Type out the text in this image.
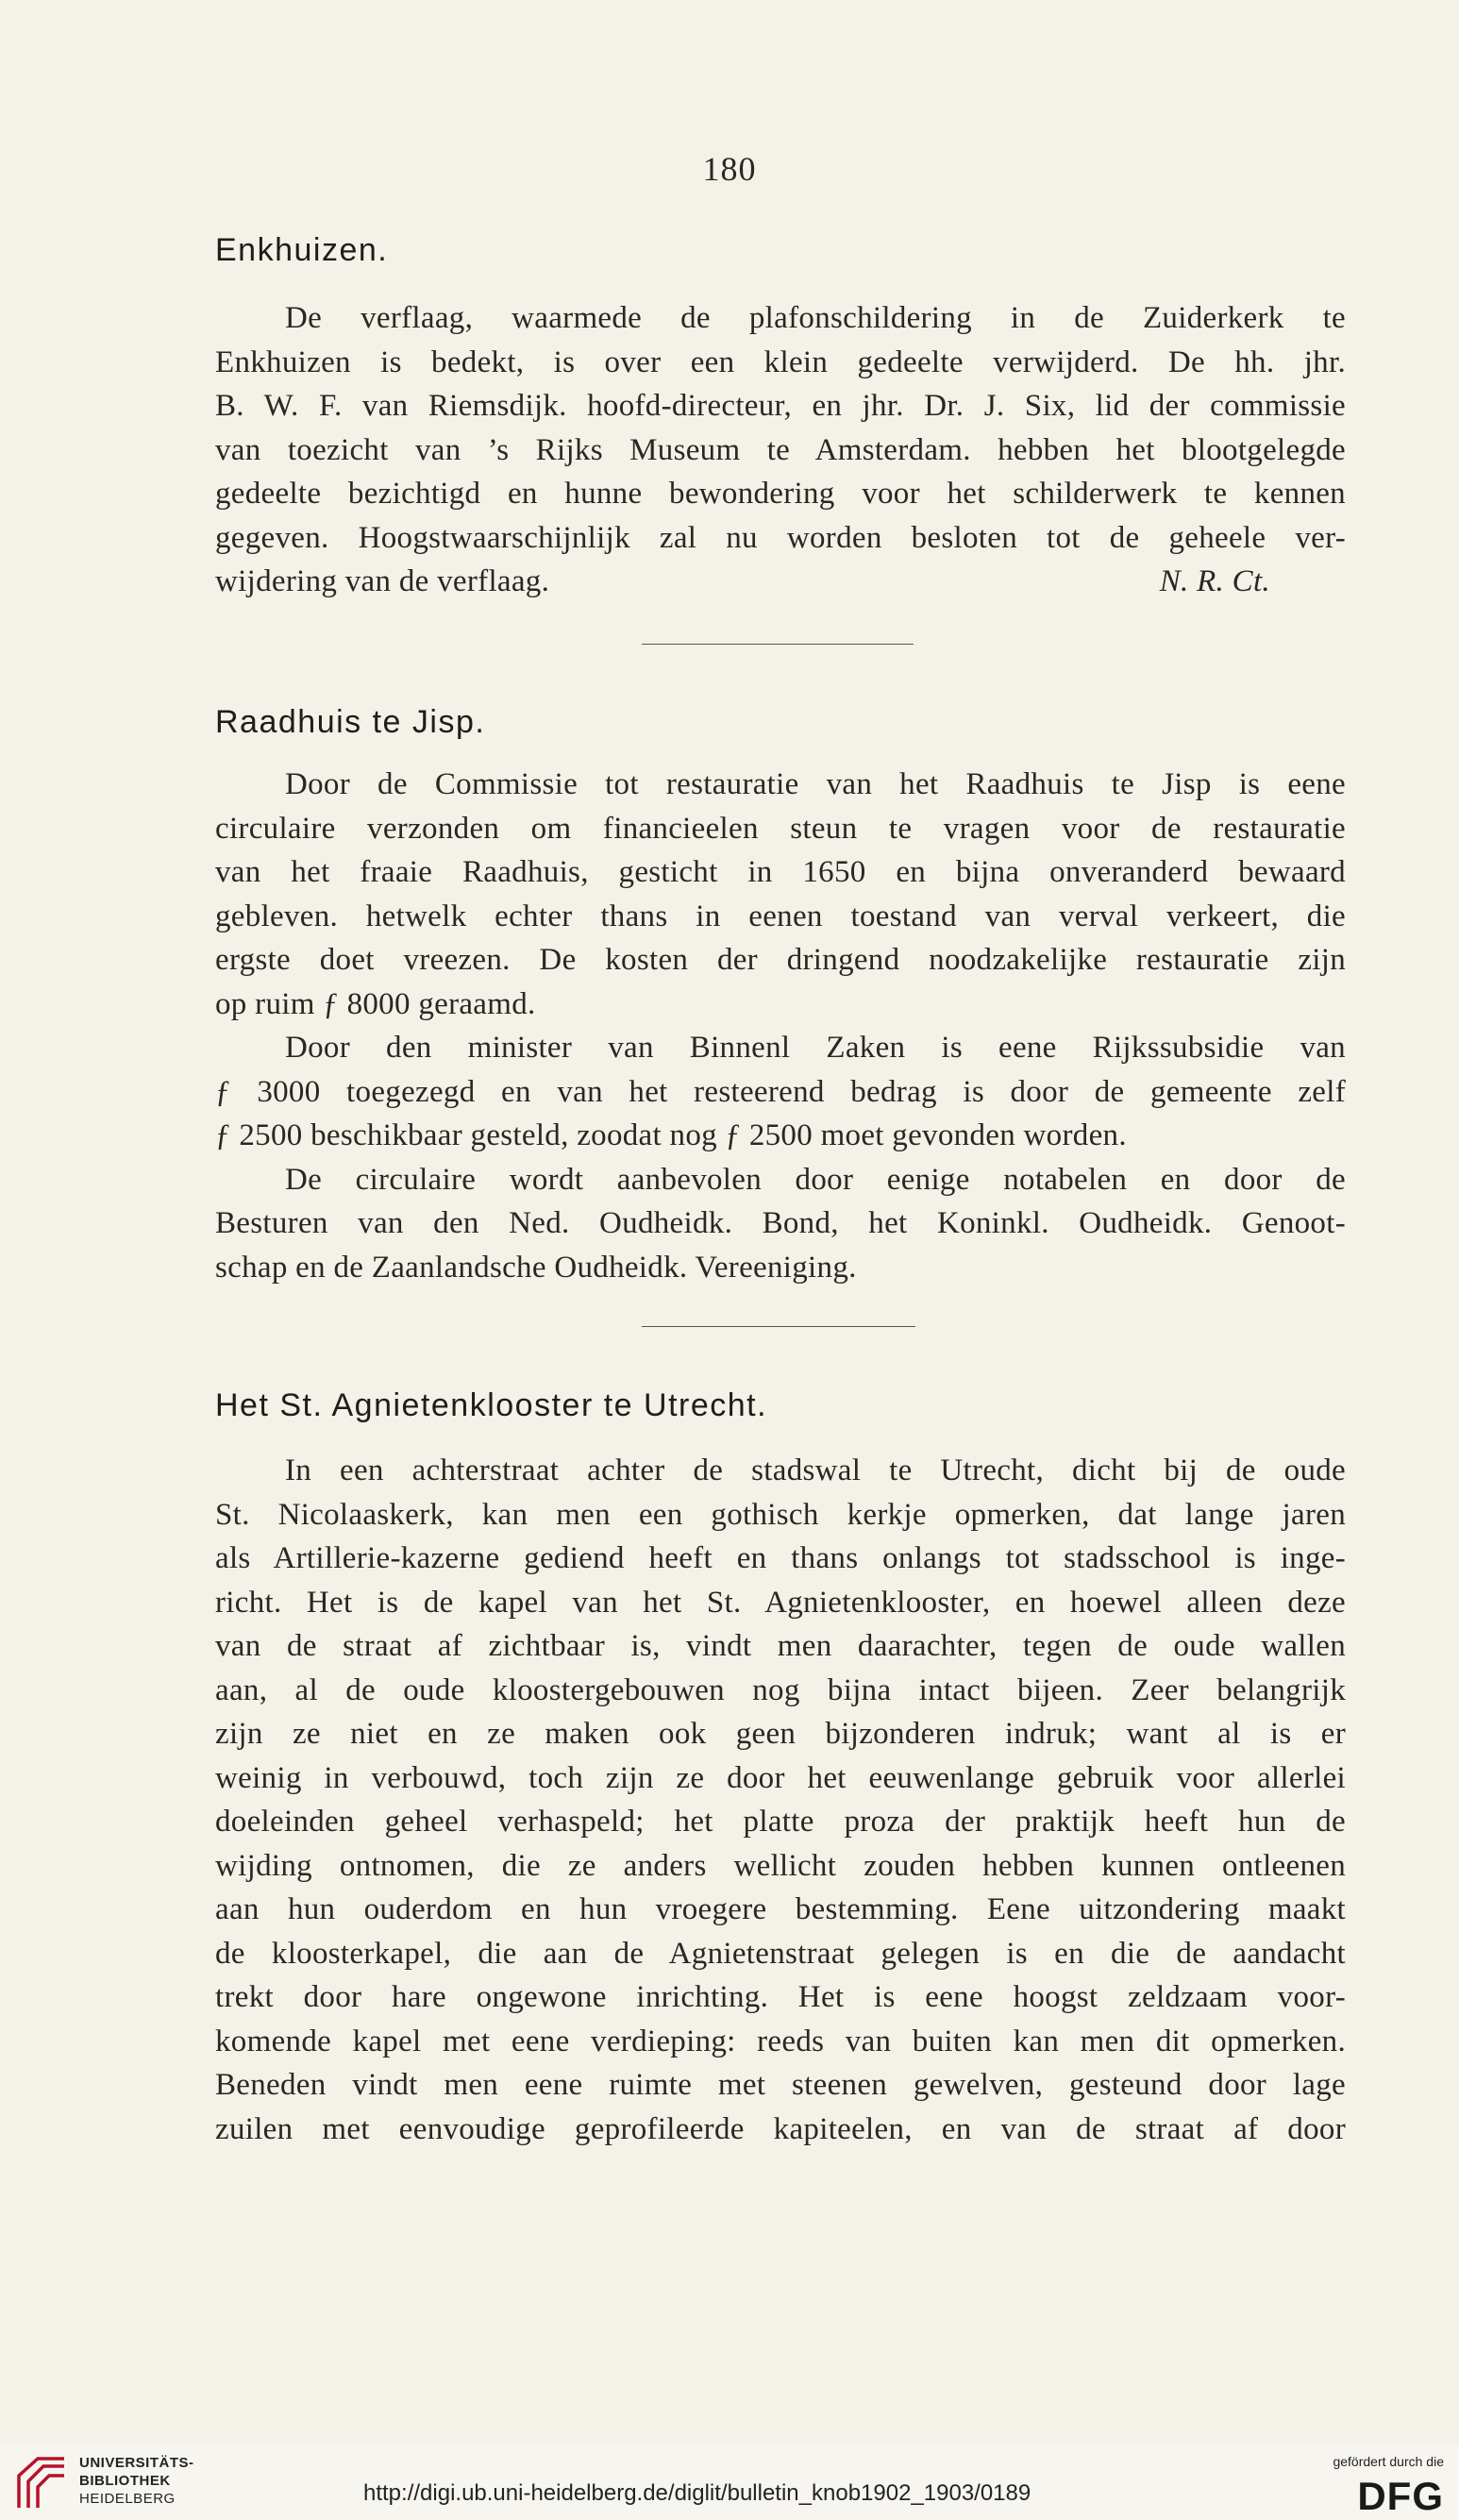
180
Enkhuizen.
De verflaag, waarmede de plafonschildering in de Zuiderkerk te
Enkhuizen is bedekt, is over een klein gedeelte verwijderd. De hh. jhr.
B. W. F. van Riemsdijk. hoofd-directeur, en jhr. Dr. J. Six, lid der commissie
van toezicht van ’s Rijks Museum te Amsterdam. hebben het blootgelegde
gedeelte bezichtigd en hunne bewondering voor het schilderwerk te kennen
gegeven. Hoogstwaarschijnlijk zal nu worden besloten tot de geheele ver-
wijdering van de verflaag.	N. R. Ct.
Raadhuis te Jisp.
Door de Commissie tot restauratie van het Raadhuis te Jisp is eene
circulaire verzonden om financieelen steun te vragen voor de restauratie
van het fraaie Raadhuis, gesticht in 1650 en bijna onveranderd bewaard
gebleven. hetwelk echter thans in eenen toestand van verval verkeert, die
ergste doet vreezen. De kosten der dringend noodzakelijke restauratie zijn
op ruim ƒ 8000 geraamd.
Door den minister van Binnenl Zaken is eene Rijkssubsidie van
ƒ 3000 toegezegd en van het resteerend bedrag is door de gemeente zelf
ƒ 2500 beschikbaar gesteld, zoodat nog ƒ 2500 moet gevonden worden.
De circulaire wordt aanbevolen door eenige notabelen en door de
Besturen van den Ned. Oudheidk. Bond, het Koninkl. Oudheidk. Genoot-
schap en de Zaanlandsche Oudheidk. Vereeniging.
Het St. Agnietenklooster te Utrecht.
In een achterstraat achter de stadswal te Utrecht, dicht bij de oude
St. Nicolaaskerk, kan men een gothisch kerkje opmerken, dat lange jaren
als Artillerie-kazerne gediend heeft en thans onlangs tot stadsschool is inge-
richt. Het is de kapel van het St. Agnietenklooster, en hoewel alleen deze
van de straat af zichtbaar is, vindt men daarachter, tegen de oude wallen
aan, al de oude kloostergebouwen nog bijna intact bijeen. Zeer belangrijk
zijn ze niet en ze maken ook geen bijzonderen indruk; want al is er
weinig in verbouwd, toch zijn ze door het eeuwenlange gebruik voor allerlei
doeleinden geheel verhaspeld; het platte proza der praktijk heeft hun de
wijding ontnomen, die ze anders wellicht zouden hebben kunnen ontleenen
aan hun ouderdom en hun vroegere bestemming. Eene uitzondering maakt
de kloosterkapel, die aan de Agnietenstraat gelegen is en die de aandacht
trekt door hare ongewone inrichting. Het is eene hoogst zeldzaam voor-
komende kapel met eene verdieping: reeds van buiten kan men dit opmerken.
Beneden vindt men eene ruimte met steenen gewelven, gesteund door lage
zuilen met eenvoudige geprofileerde kapiteelen, en van de straat af door
UNIVERSITÄTS-
BIBLIOTHEK
HEIDELBERG	http://digi.ub.uni-heidelberg.de/diglit/bulletin_knob1902_1903/0189
gefördert durch die
DFG
